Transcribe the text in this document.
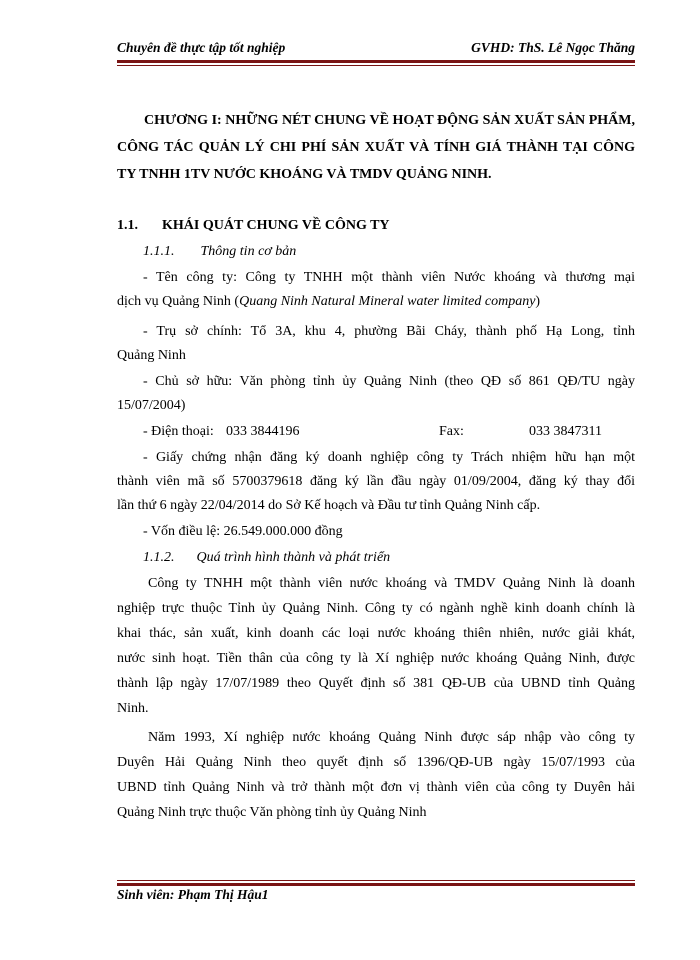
Chuyên đề thực tập tốt nghiệp	GVHD: ThS. Lê Ngọc Thăng
CHƯƠNG I: NHỮNG NÉT CHUNG VỀ HOẠT ĐỘNG SẢN XUẤT SẢN PHẨM, CÔNG TÁC QUẢN LÝ CHI PHÍ SẢN XUẤT VÀ TÍNH GIÁ THÀNH TẠI CÔNG TY TNHH 1TV NƯỚC KHOÁNG VÀ TMDV QUẢNG NINH.
1.1. KHÁI QUÁT CHUNG VỀ CÔNG TY
1.1.1. Thông tin cơ bản
- Tên công ty: Công ty TNHH một thành viên Nước khoáng và thương mại
dịch vụ Quảng Ninh (Quang Ninh Natural Mineral water limited company)
- Trụ sở chính: Tổ 3A, khu 4, phường Bãi Cháy, thành phố Hạ Long, tỉnh
Quảng Ninh
- Chủ sở hữu: Văn phòng tỉnh ủy Quảng Ninh (theo QĐ số 861 QĐ/TU ngày
15/07/2004)
- Điện thoại: 033 3844196	Fax:	033 3847311
- Giấy chứng nhận đăng ký doanh nghiệp công ty Trách nhiệm hữu hạn một
thành viên mã số 5700379618 đăng ký lần đầu ngày 01/09/2004, đăng ký thay đổi
lần thứ 6 ngày 22/04/2014 do Sở Kế hoạch và Đầu tư tỉnh Quảng Ninh cấp.
- Vốn điều lệ: 26.549.000.000 đồng
1.1.2. Quá trình hình thành và phát triển
Công ty TNHH một thành viên nước khoáng và TMDV Quảng Ninh là doanh
nghiệp trực thuộc Tỉnh ủy Quảng Ninh. Công ty có ngành nghề kinh doanh chính là
khai thác, sản xuất, kinh doanh các loại nước khoáng thiên nhiên, nước giải khát,
nước sinh hoạt. Tiền thân của công ty là Xí nghiệp nước khoáng Quảng Ninh, được
thành lập ngày 17/07/1989 theo Quyết định số 381 QĐ-UB của UBND tỉnh Quảng
Ninh.
Năm 1993, Xí nghiệp nước khoáng Quảng Ninh được sáp nhập vào công ty
Duyên Hải Quảng Ninh theo quyết định số 1396/QĐ-UB ngày 15/07/1993 của
UBND tỉnh Quảng Ninh và trở thành một đơn vị thành viên của công ty Duyên hải
Quảng Ninh trực thuộc Văn phòng tỉnh ủy Quảng Ninh
Sinh viên: Phạm Thị Hậu1
